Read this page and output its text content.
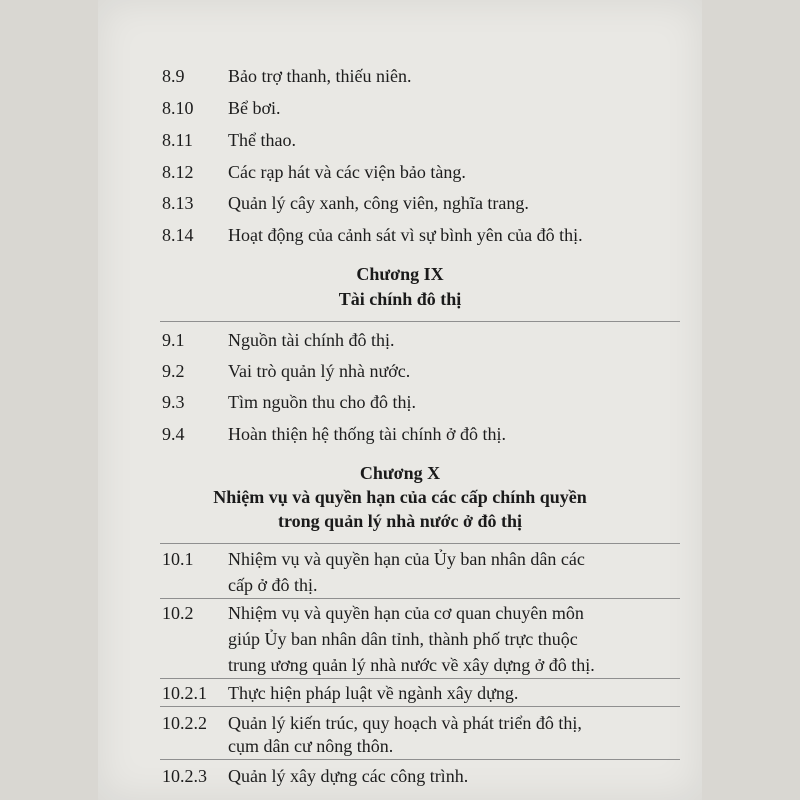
8.9 Bảo trợ thanh, thiếu niên.
8.10 Bể bơi.
8.11 Thể thao.
8.12 Các rạp hát và các viện bảo tàng.
8.13 Quản lý cây xanh, công viên, nghĩa trang.
8.14 Hoạt động của cảnh sát vì sự bình yên của đô thị.
Chương IX
Tài chính đô thị
9.1 Nguồn tài chính đô thị.
9.2 Vai trò quản lý nhà nước.
9.3 Tìm nguồn thu cho đô thị.
9.4 Hoàn thiện hệ thống tài chính ở đô thị.
Chương X
Nhiệm vụ và quyền hạn của các cấp chính quyền
trong quản lý nhà nước ở đô thị
10.1 Nhiệm vụ và quyền hạn của Ủy ban nhân dân các
cấp ở đô thị.
10.2 Nhiệm vụ và quyền hạn của cơ quan chuyên môn
giúp Ủy ban nhân dân tỉnh, thành phố trực thuộc
trung ương quản lý nhà nước về xây dựng ở đô thị.
10.2.1 Thực hiện pháp luật về ngành xây dựng.
10.2.2 Quản lý kiến trúc, quy hoạch và phát triển đô thị,
cụm dân cư nông thôn.
10.2.3 Quản lý xây dựng các công trình.
